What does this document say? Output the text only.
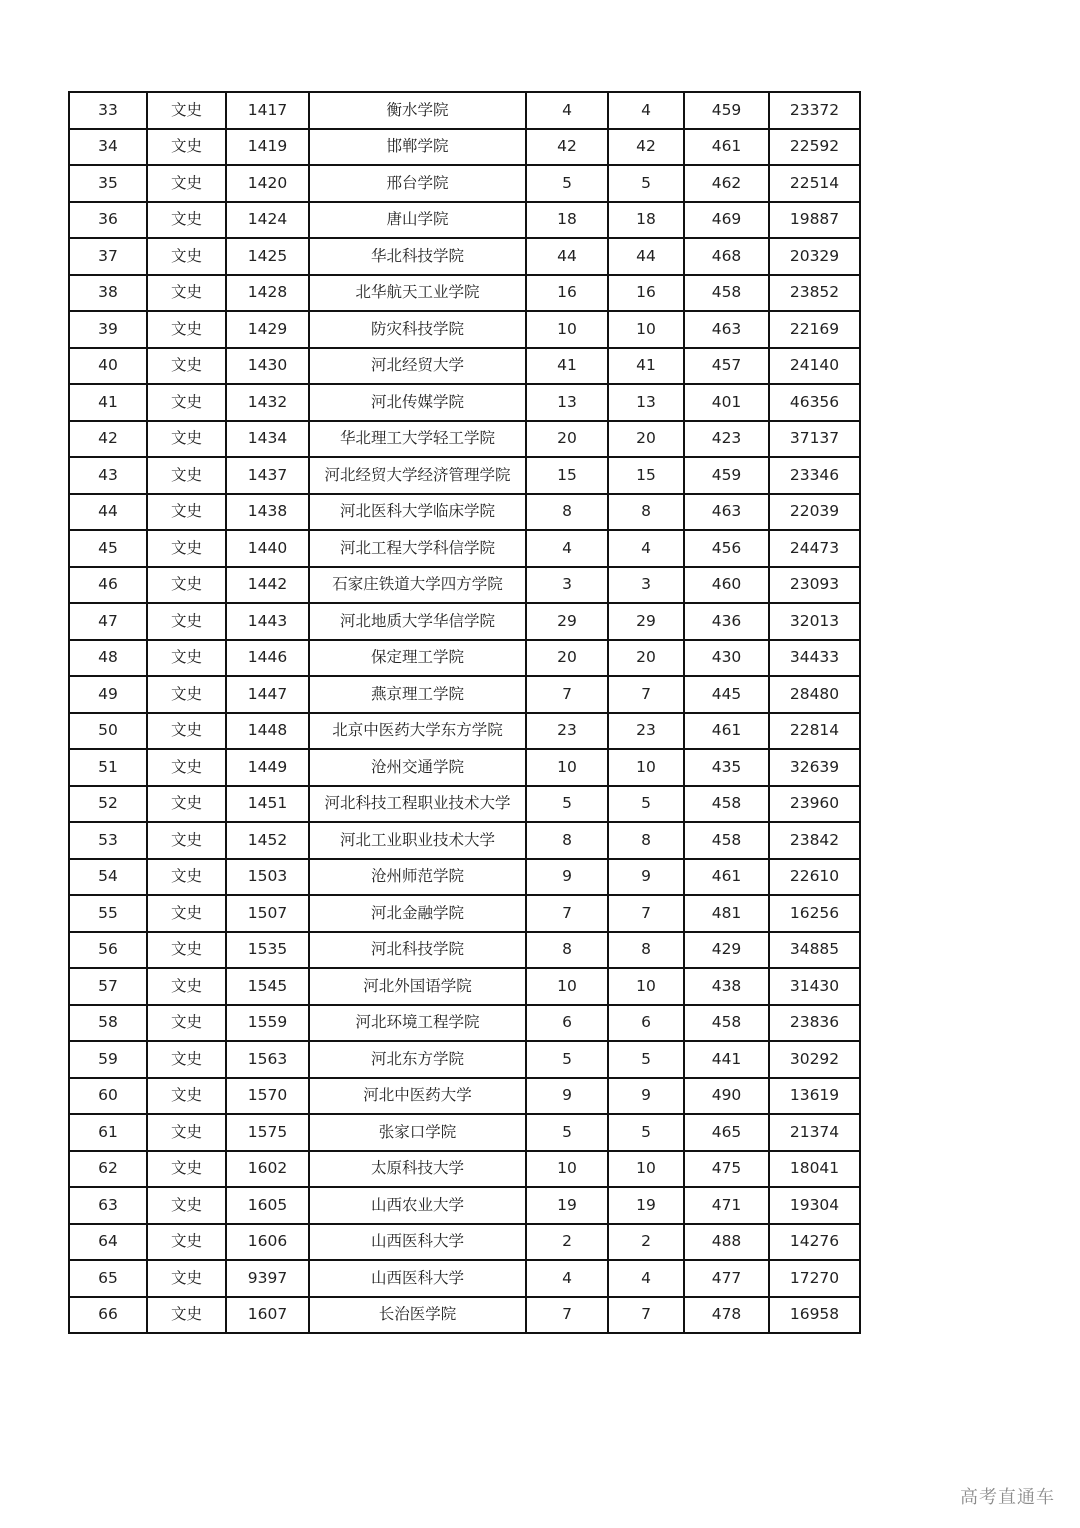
33	文史	1417	衡水学院	4	4	459	23372
34	文史	1419	邯郸学院	42	42	461	22592
35	文史	1420	邢台学院	5	5	462	22514
36	文史	1424	唐山学院	18	18	469	19887
37	文史	1425	华北科技学院	44	44	468	20329
38	文史	1428	北华航天工业学院	16	16	458	23852
39	文史	1429	防灾科技学院	10	10	463	22169
40	文史	1430	河北经贸大学	41	41	457	24140
41	文史	1432	河北传媒学院	13	13	401	46356
42	文史	1434	华北理工大学轻工学院	20	20	423	37137
43	文史	1437	河北经贸大学经济管理学院	15	15	459	23346
44	文史	1438	河北医科大学临床学院	8	8	463	22039
45	文史	1440	河北工程大学科信学院	4	4	456	24473
46	文史	1442	石家庄铁道大学四方学院	3	3	460	23093
47	文史	1443	河北地质大学华信学院	29	29	436	32013
48	文史	1446	保定理工学院	20	20	430	34433
49	文史	1447	燕京理工学院	7	7	445	28480
50	文史	1448	北京中医药大学东方学院	23	23	461	22814
51	文史	1449	沧州交通学院	10	10	435	32639
52	文史	1451	河北科技工程职业技术大学	5	5	458	23960
53	文史	1452	河北工业职业技术大学	8	8	458	23842
54	文史	1503	沧州师范学院	9	9	461	22610
55	文史	1507	河北金融学院	7	7	481	16256
56	文史	1535	河北科技学院	8	8	429	34885
57	文史	1545	河北外国语学院	10	10	438	31430
58	文史	1559	河北环境工程学院	6	6	458	23836
59	文史	1563	河北东方学院	5	5	441	30292
60	文史	1570	河北中医药大学	9	9	490	13619
61	文史	1575	张家口学院	5	5	465	21374
62	文史	1602	太原科技大学	10	10	475	18041
63	文史	1605	山西农业大学	19	19	471	19304
64	文史	1606	山西医科大学	2	2	488	14276
65	文史	9397	山西医科大学	4	4	477	17270
66	文史	1607	长治医学院	7	7	478	16958
高考直通车
